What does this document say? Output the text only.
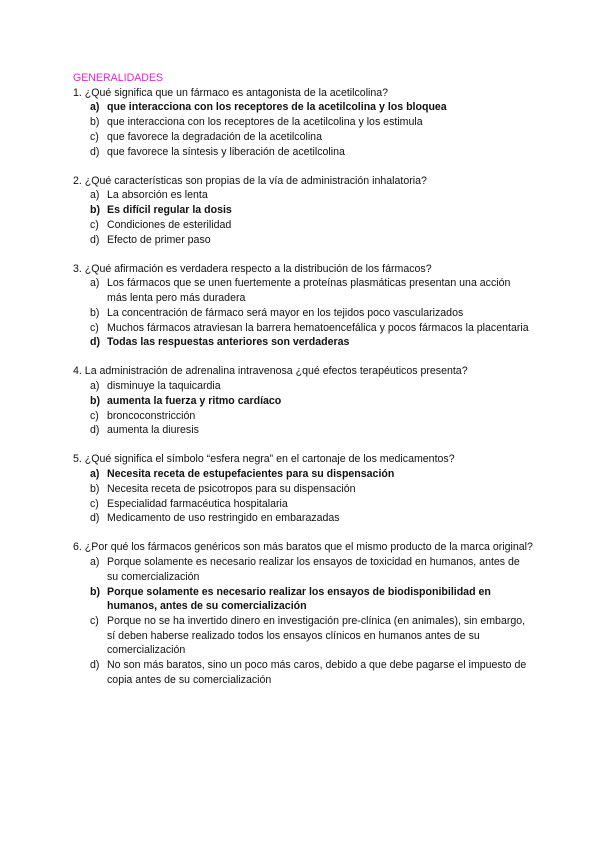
GENERALIDADES

1. ¿Qué significa que un fármaco es antagonista de la acetilcolina?

a) que interacciona con los receptores de la acetilcolina y los bloquea
b) que interacciona con los receptores de la acetilcolina y los estimula
c) que favorece la degradación de la acetilcolina
d) que favorece la síntesis y liberación de acetilcolina

2. ¿Qué características son propias de la vía de administración inhalatoria?

a) La absorción es lenta
b) Es difícil regular la dosis
c) Condiciones de esterilidad
d) Efecto de primer paso

3. ¿Qué afirmación es verdadera respecto a la distribución de los fármacos?

a) Los fármacos que se unen fuertemente a proteínas plasmáticas presentan una acción más lenta pero más duradera
b) La concentración de fármaco será mayor en los tejidos poco vascularizados
c) Muchos fármacos atraviesan la barrera hematoencefálica y pocos fármacos la placentaria
d) Todas las respuestas anteriores son verdaderas

4. La administración de adrenalina intravenosa ¿qué efectos terapéuticos presenta?

a) disminuye la taquicardia
b) aumenta la fuerza y ritmo cardíaco
c) broncoconstricción
d) aumenta la diuresis

5. ¿Qué significa el símbolo “esfera negra” en el cartonaje de los medicamentos?

a) Necesita receta de estupefacientes para su dispensación
b) Necesita receta de psicotropos para su dispensación
c) Especialidad farmacéutica hospitalaria
d) Medicamento de uso restringido en embarazadas

6. ¿Por qué los fármacos genéricos son más baratos que el mismo producto de la marca original?

a) Porque solamente es necesario realizar los ensayos de toxicidad en humanos, antes de su comercialización
b) Porque solamente es necesario realizar los ensayos de biodisponibilidad en humanos, antes de su comercialización
c) Porque no se ha invertido dinero en investigación pre-clínica (en animales), sin embargo, sí deben haberse realizado todos los ensayos clínicos en humanos antes de su comercialización
d) No son más baratos, sino un poco más caros, debido a que debe pagarse el impuesto de copia antes de su comercialización
